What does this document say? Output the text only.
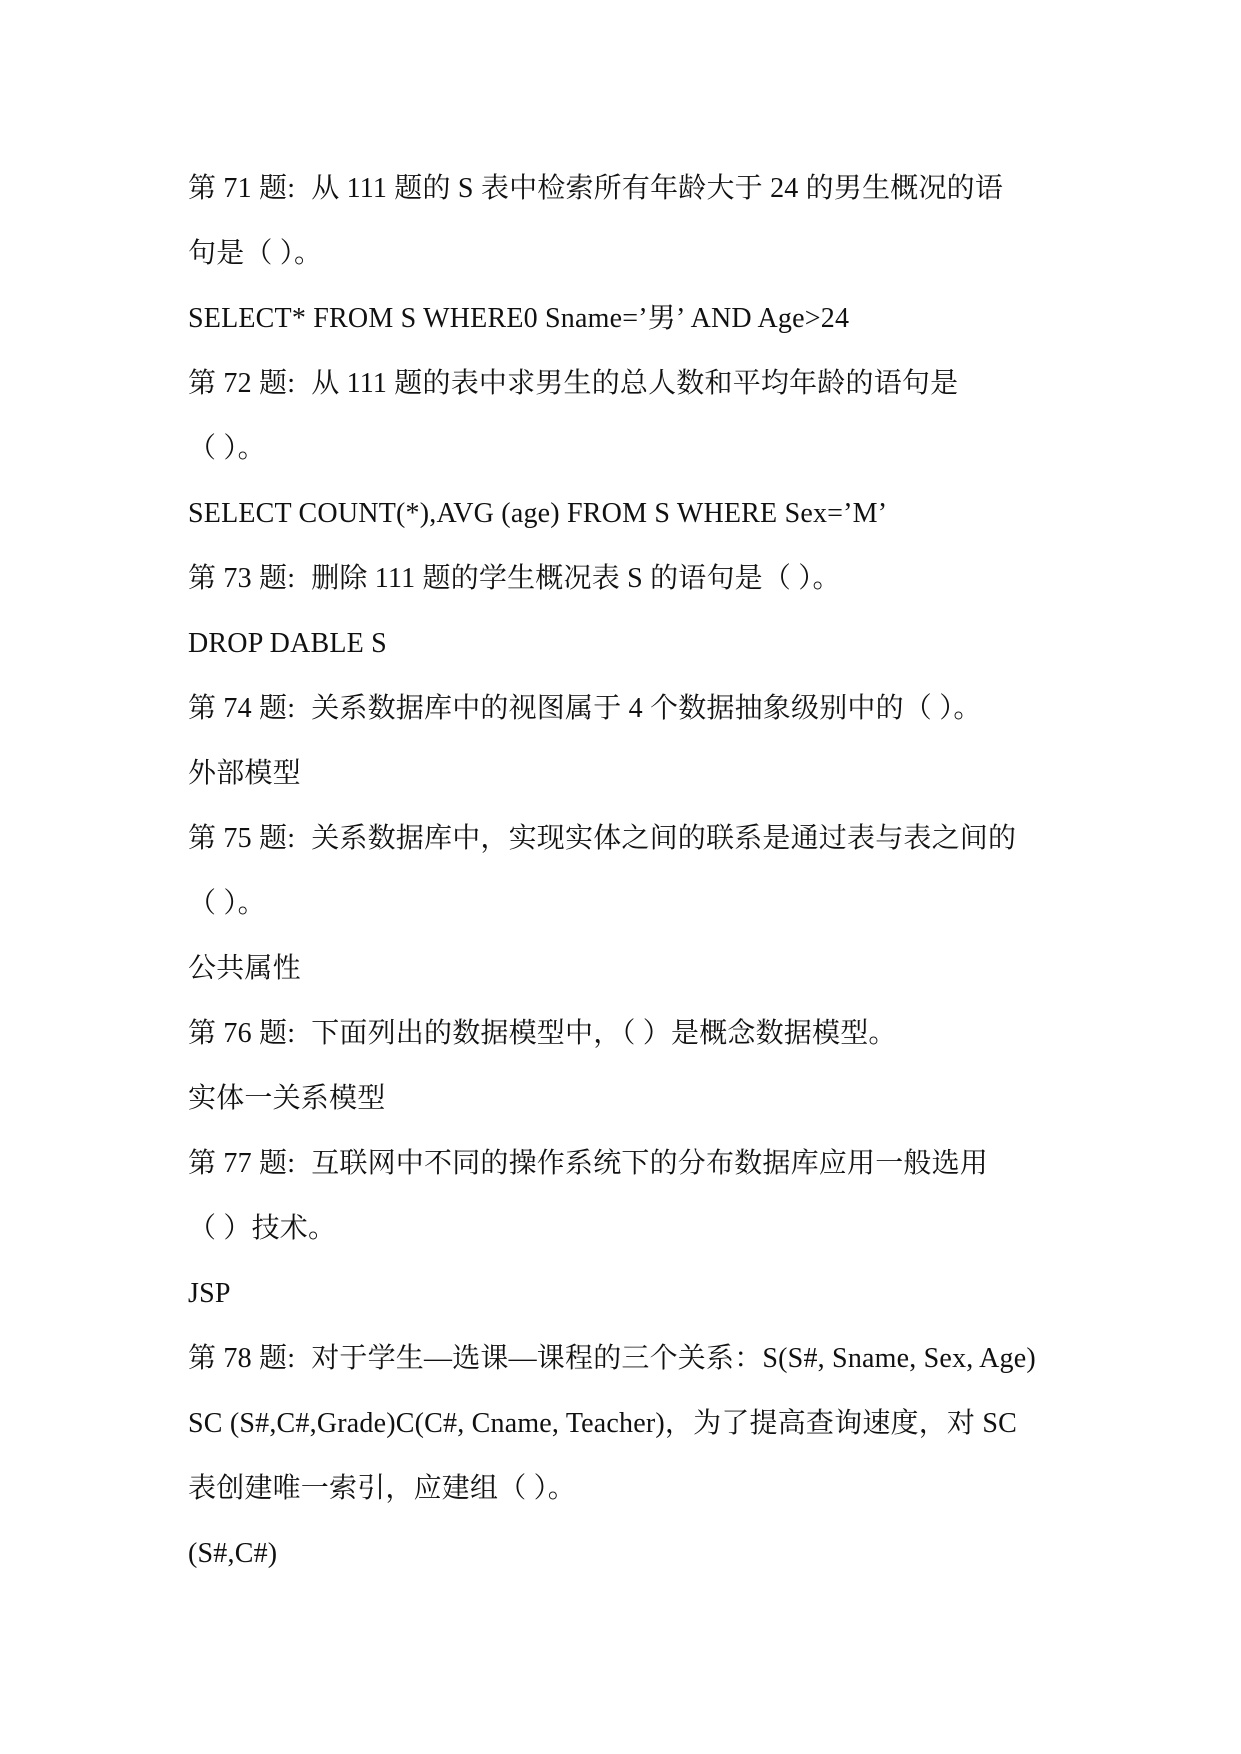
第 71 题: 从 111 题的 S 表中检索所有年龄大于 24 的男生概况的语
句是（ ）。
SELECT* FROM S WHERE0 Sname=’男’ AND Age>24
第 72 题: 从 111 题的表中求男生的总人数和平均年龄的语句是
（ ）。
SELECT COUNT(*),AVG (age) FROM S WHERE Sex=’M’
第 73 题: 删除 111 题的学生概况表 S 的语句是（ ）。
DROP DABLE S
第 74 题: 关系数据库中的视图属于 4 个数据抽象级别中的（ ）。
外部模型
第 75 题: 关系数据库中，实现实体之间的联系是通过表与表之间的
（ ）。
公共属性
第 76 题: 下面列出的数据模型中，（ ）是概念数据模型。
实体一关系模型
第 77 题: 互联网中不同的操作系统下的分布数据库应用一般选用
（ ）技术。
JSP
第 78 题: 对于学生—选课—课程的三个关系：S(S#, Sname, Sex, Age)
SC (S#,C#,Grade)C(C#, Cname, Teacher)，为了提高查询速度，对 SC
表创建唯一索引，应建组（ ）。
(S#,C#)
